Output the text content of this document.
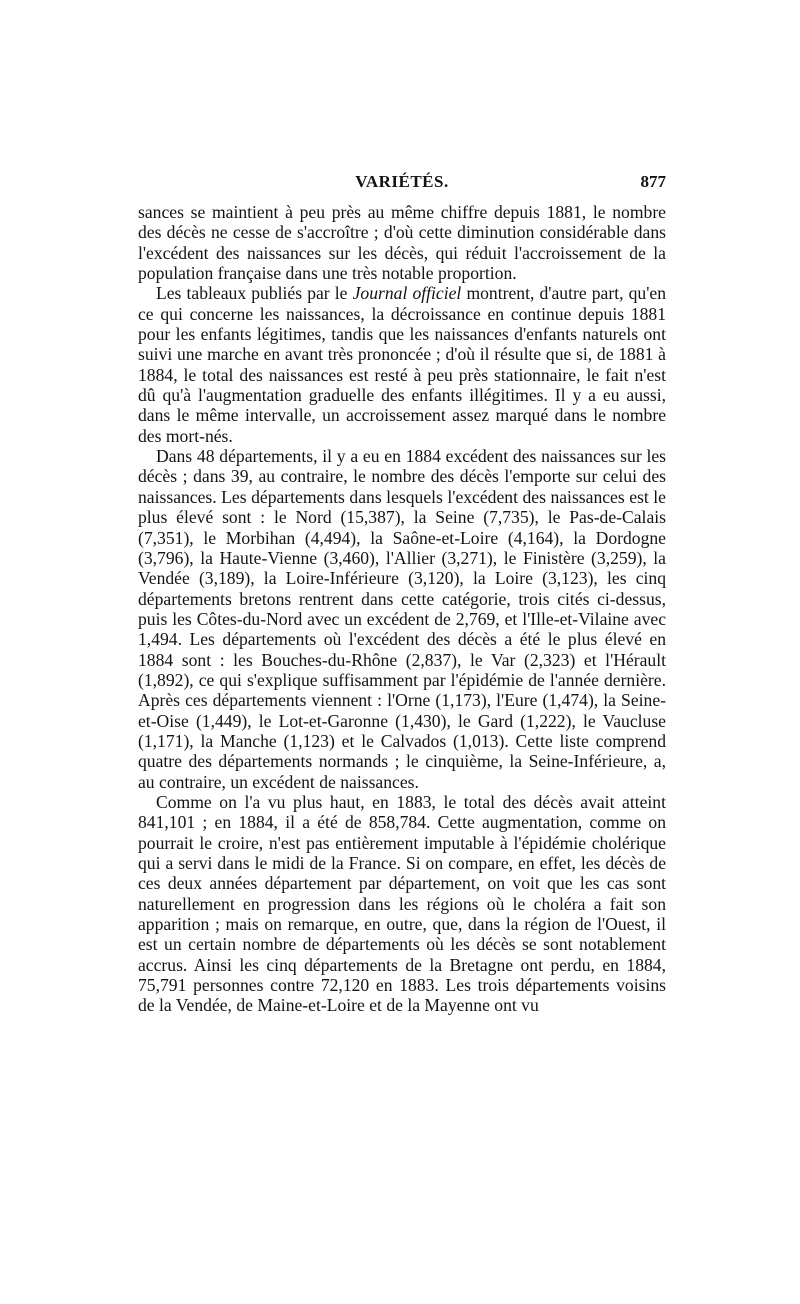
VARIÉTÉS.	877

sances se maintient à peu près au même chiffre depuis 1881, le nombre des décès ne cesse de s'accroître ; d'où cette diminution considérable dans l'excédent des naissances sur les décès, qui réduit l'accroissement de la population française dans une très notable proportion.

Les tableaux publiés par le Journal officiel montrent, d'autre part, qu'en ce qui concerne les naissances, la décroissance en continue depuis 1881 pour les enfants légitimes, tandis que les naissances d'enfants naturels ont suivi une marche en avant très prononcée ; d'où il résulte que si, de 1881 à 1884, le total des naissances est resté à peu près stationnaire, le fait n'est dû qu'à l'augmentation graduelle des enfants illégitimes. Il y a eu aussi, dans le même intervalle, un accroissement assez marqué dans le nombre des mort-nés.

Dans 48 départements, il y a eu en 1884 excédent des naissances sur les décès ; dans 39, au contraire, le nombre des décès l'emporte sur celui des naissances. Les départements dans lesquels l'excédent des naissances est le plus élevé sont : le Nord (15,387), la Seine (7,735), le Pas-de-Calais (7,351), le Morbihan (4,494), la Saône-et-Loire (4,164), la Dordogne (3,796), la Haute-Vienne (3,460), l'Allier (3,271), le Finistère (3,259), la Vendée (3,189), la Loire-Inférieure (3,120), la Loire (3,123), les cinq départements bretons rentrent dans cette catégorie, trois cités ci-dessus, puis les Côtes-du-Nord avec un excédent de 2,769, et l'Ille-et-Vilaine avec 1,494. Les départements où l'excédent des décès a été le plus élevé en 1884 sont : les Bouches-du-Rhône (2,837), le Var (2,323) et l'Hérault (1,892), ce qui s'explique suffisamment par l'épidémie de l'année dernière. Après ces départements viennent : l'Orne (1,173), l'Eure (1,474), la Seine-et-Oise (1,449), le Lot-et-Garonne (1,430), le Gard (1,222), le Vaucluse (1,171), la Manche (1,123) et le Calvados (1,013). Cette liste comprend quatre des départements normands ; le cinquième, la Seine-Inférieure, a, au contraire, un excédent de naissances.

Comme on l'a vu plus haut, en 1883, le total des décès avait atteint 841,101 ; en 1884, il a été de 858,784. Cette augmentation, comme on pourrait le croire, n'est pas entièrement imputable à l'épidémie cholérique qui a servi dans le midi de la France. Si on compare, en effet, les décès de ces deux années département par département, on voit que les cas sont naturellement en progression dans les régions où le choléra a fait son apparition ; mais on remarque, en outre, que, dans la région de l'Ouest, il est un certain nombre de départements où les décès se sont notablement accrus. Ainsi les cinq départements de la Bretagne ont perdu, en 1884, 75,791 personnes contre 72,120 en 1883. Les trois départements voisins de la Vendée, de Maine-et-Loire et de la Mayenne ont vu
